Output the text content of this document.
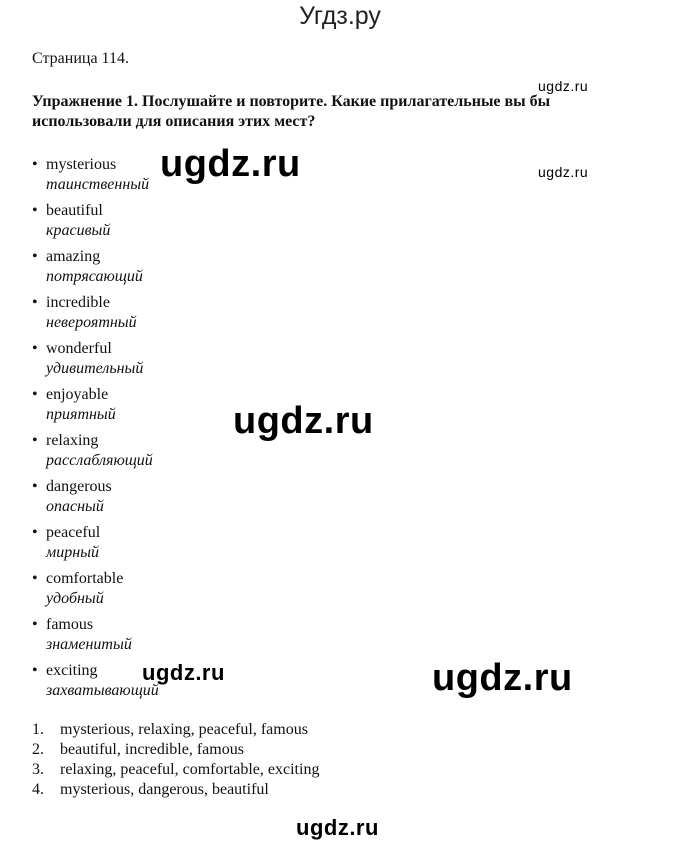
Угдз.ру
Страница 114.
ugdz.ru
Упражнение 1. Послушайте и повторите. Какие прилагательные вы бы использовали для описания этих мест?
• mysterious
таинственный
• beautiful
красивый
• amazing
потрясающий
• incredible
невероятный
• wonderful
удивительный
• enjoyable
приятный
• relaxing
расслабляющий
• dangerous
опасный
• peaceful
мирный
• comfortable
удобный
• famous
знаменитый
• exciting
захватывающий
ugdz.ru	ugdz.ru
ugdz.ru
ugdz.ru	ugdz.ru
1. mysterious, relaxing, peaceful, famous
2. beautiful, incredible, famous
3. relaxing, peaceful, comfortable, exciting
4. mysterious, dangerous, beautiful
ugdz.ru
